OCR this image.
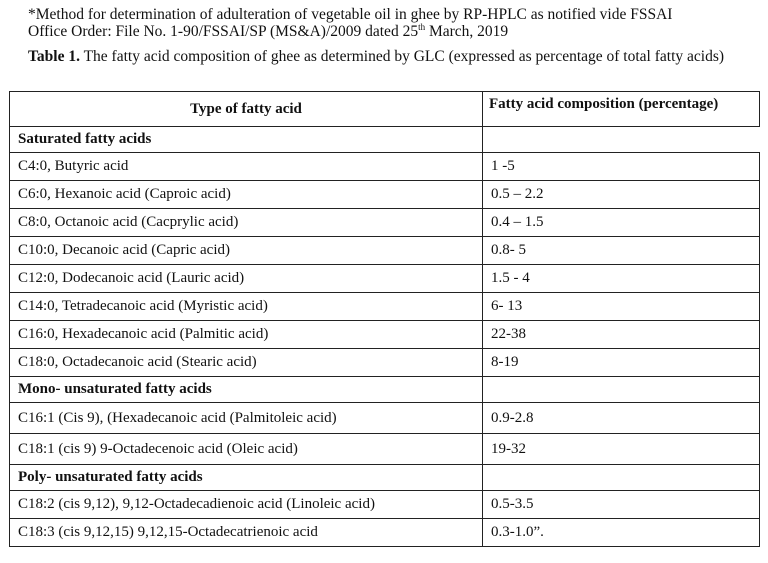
*Method for determination of adulteration of vegetable oil in ghee by RP-HPLC as notified vide FSSAI
Office Order: File No. 1-90/FSSAI/SP (MS&A)/2009 dated 25th March, 2019
Table 1. The fatty acid composition of ghee as determined by GLC (expressed as percentage of total fatty acids)
Type of fatty acid	Fatty acid composition (percentage)
Saturated fatty acids	
C4:0, Butyric acid	1 -5
C6:0, Hexanoic acid (Caproic acid)	0.5 – 2.2
C8:0, Octanoic acid (Cacprylic acid)	0.4 – 1.5
C10:0, Decanoic acid (Capric acid)	0.8- 5
C12:0, Dodecanoic acid (Lauric acid)	1.5 - 4
C14:0, Tetradecanoic acid (Myristic acid)	6- 13
C16:0, Hexadecanoic acid (Palmitic acid)	22-38
C18:0, Octadecanoic acid (Stearic acid)	8-19
Mono- unsaturated fatty acids	
C16:1 (Cis 9), (Hexadecanoic acid (Palmitoleic acid)	0.9-2.8
C18:1 (cis 9) 9-Octadecenoic acid (Oleic acid)	19-32
Poly- unsaturated fatty acids	
C18:2 (cis 9,12), 9,12-Octadecadienoic acid (Linoleic acid)	0.5-3.5
C18:3 (cis 9,12,15) 9,12,15-Octadecatrienoic acid	0.3-1.0”.
